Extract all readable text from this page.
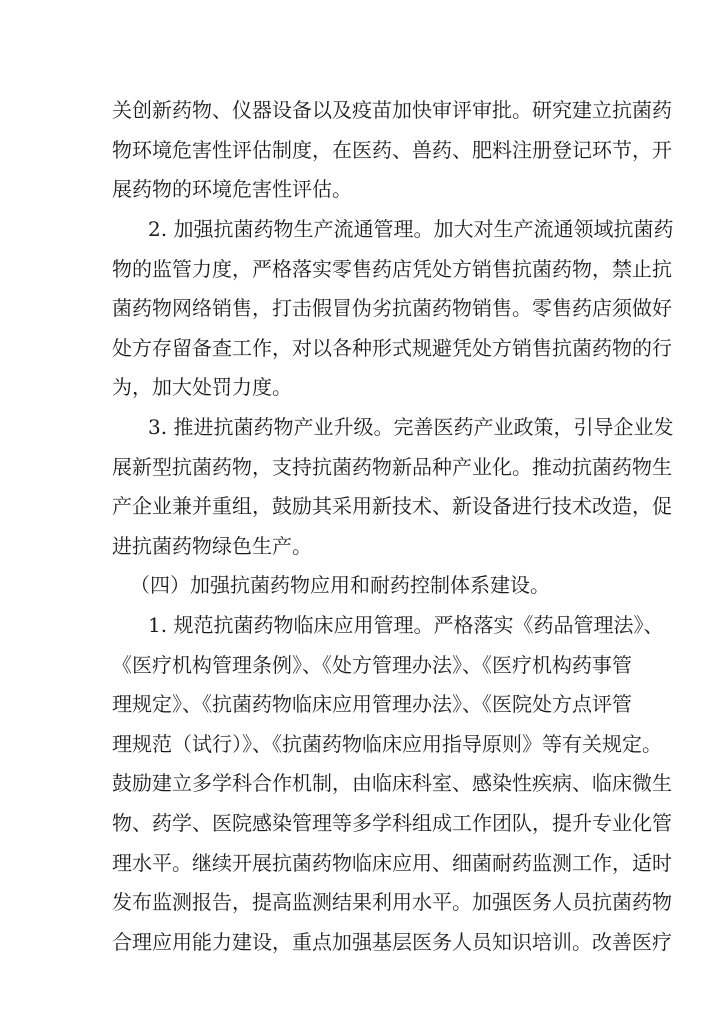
关创新药物、仪器设备以及疫苗加快审评审批。研究建立抗菌药
物环境危害性评估制度，在医药、兽药、肥料注册登记环节，开
展药物的环境危害性评估。
2. 加强抗菌药物生产流通管理。加大对生产流通领域抗菌药
物的监管力度，严格落实零售药店凭处方销售抗菌药物，禁止抗
菌药物网络销售，打击假冒伪劣抗菌药物销售。零售药店须做好
处方存留备查工作，对以各种形式规避凭处方销售抗菌药物的行
为，加大处罚力度。
3. 推进抗菌药物产业升级。完善医药产业政策，引导企业发
展新型抗菌药物，支持抗菌药物新品种产业化。推动抗菌药物生
产企业兼并重组，鼓励其采用新技术、新设备进行技术改造，促
进抗菌药物绿色生产。
（四）加强抗菌药物应用和耐药控制体系建设。
1. 规范抗菌药物临床应用管理。严格落实《药品管理法》、
《医疗机构管理条例》、《处方管理办法》、《医疗机构药事管
理规定》、《抗菌药物临床应用管理办法》、《医院处方点评管
理规范（试行）》、《抗菌药物临床应用指导原则》等有关规定。
鼓励建立多学科合作机制，由临床科室、感染性疾病、临床微生
物、药学、医院感染管理等多学科组成工作团队，提升专业化管
理水平。继续开展抗菌药物临床应用、细菌耐药监测工作，适时
发布监测报告，提高监测结果利用水平。加强医务人员抗菌药物
合理应用能力建设，重点加强基层医务人员知识培训。改善医疗
